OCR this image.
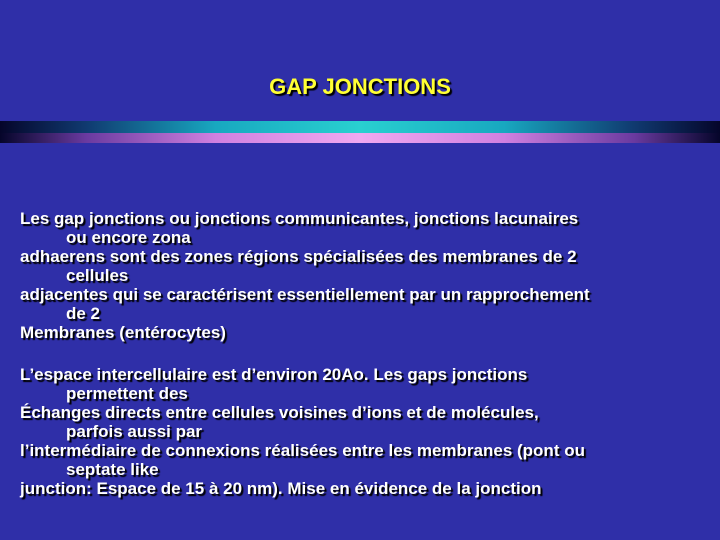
GAP JONCTIONS
Les gap jonctions ou jonctions communicantes, jonctions lacunaires
ou encore zona
adhaerens sont des zones régions spécialisées des membranes de 2
cellules
adjacentes qui se caractérisent essentiellement par un rapprochement
de 2
Membranes (entérocytes)
L’espace intercellulaire est d’environ 20Ao. Les gaps jonctions
permettent des
Échanges directs entre cellules voisines d’ions et de molécules,
parfois aussi par
l’intermédiaire de connexions réalisées entre les membranes (pont ou
septate like
junction: Espace de 15 à 20 nm). Mise en évidence de la jonction
